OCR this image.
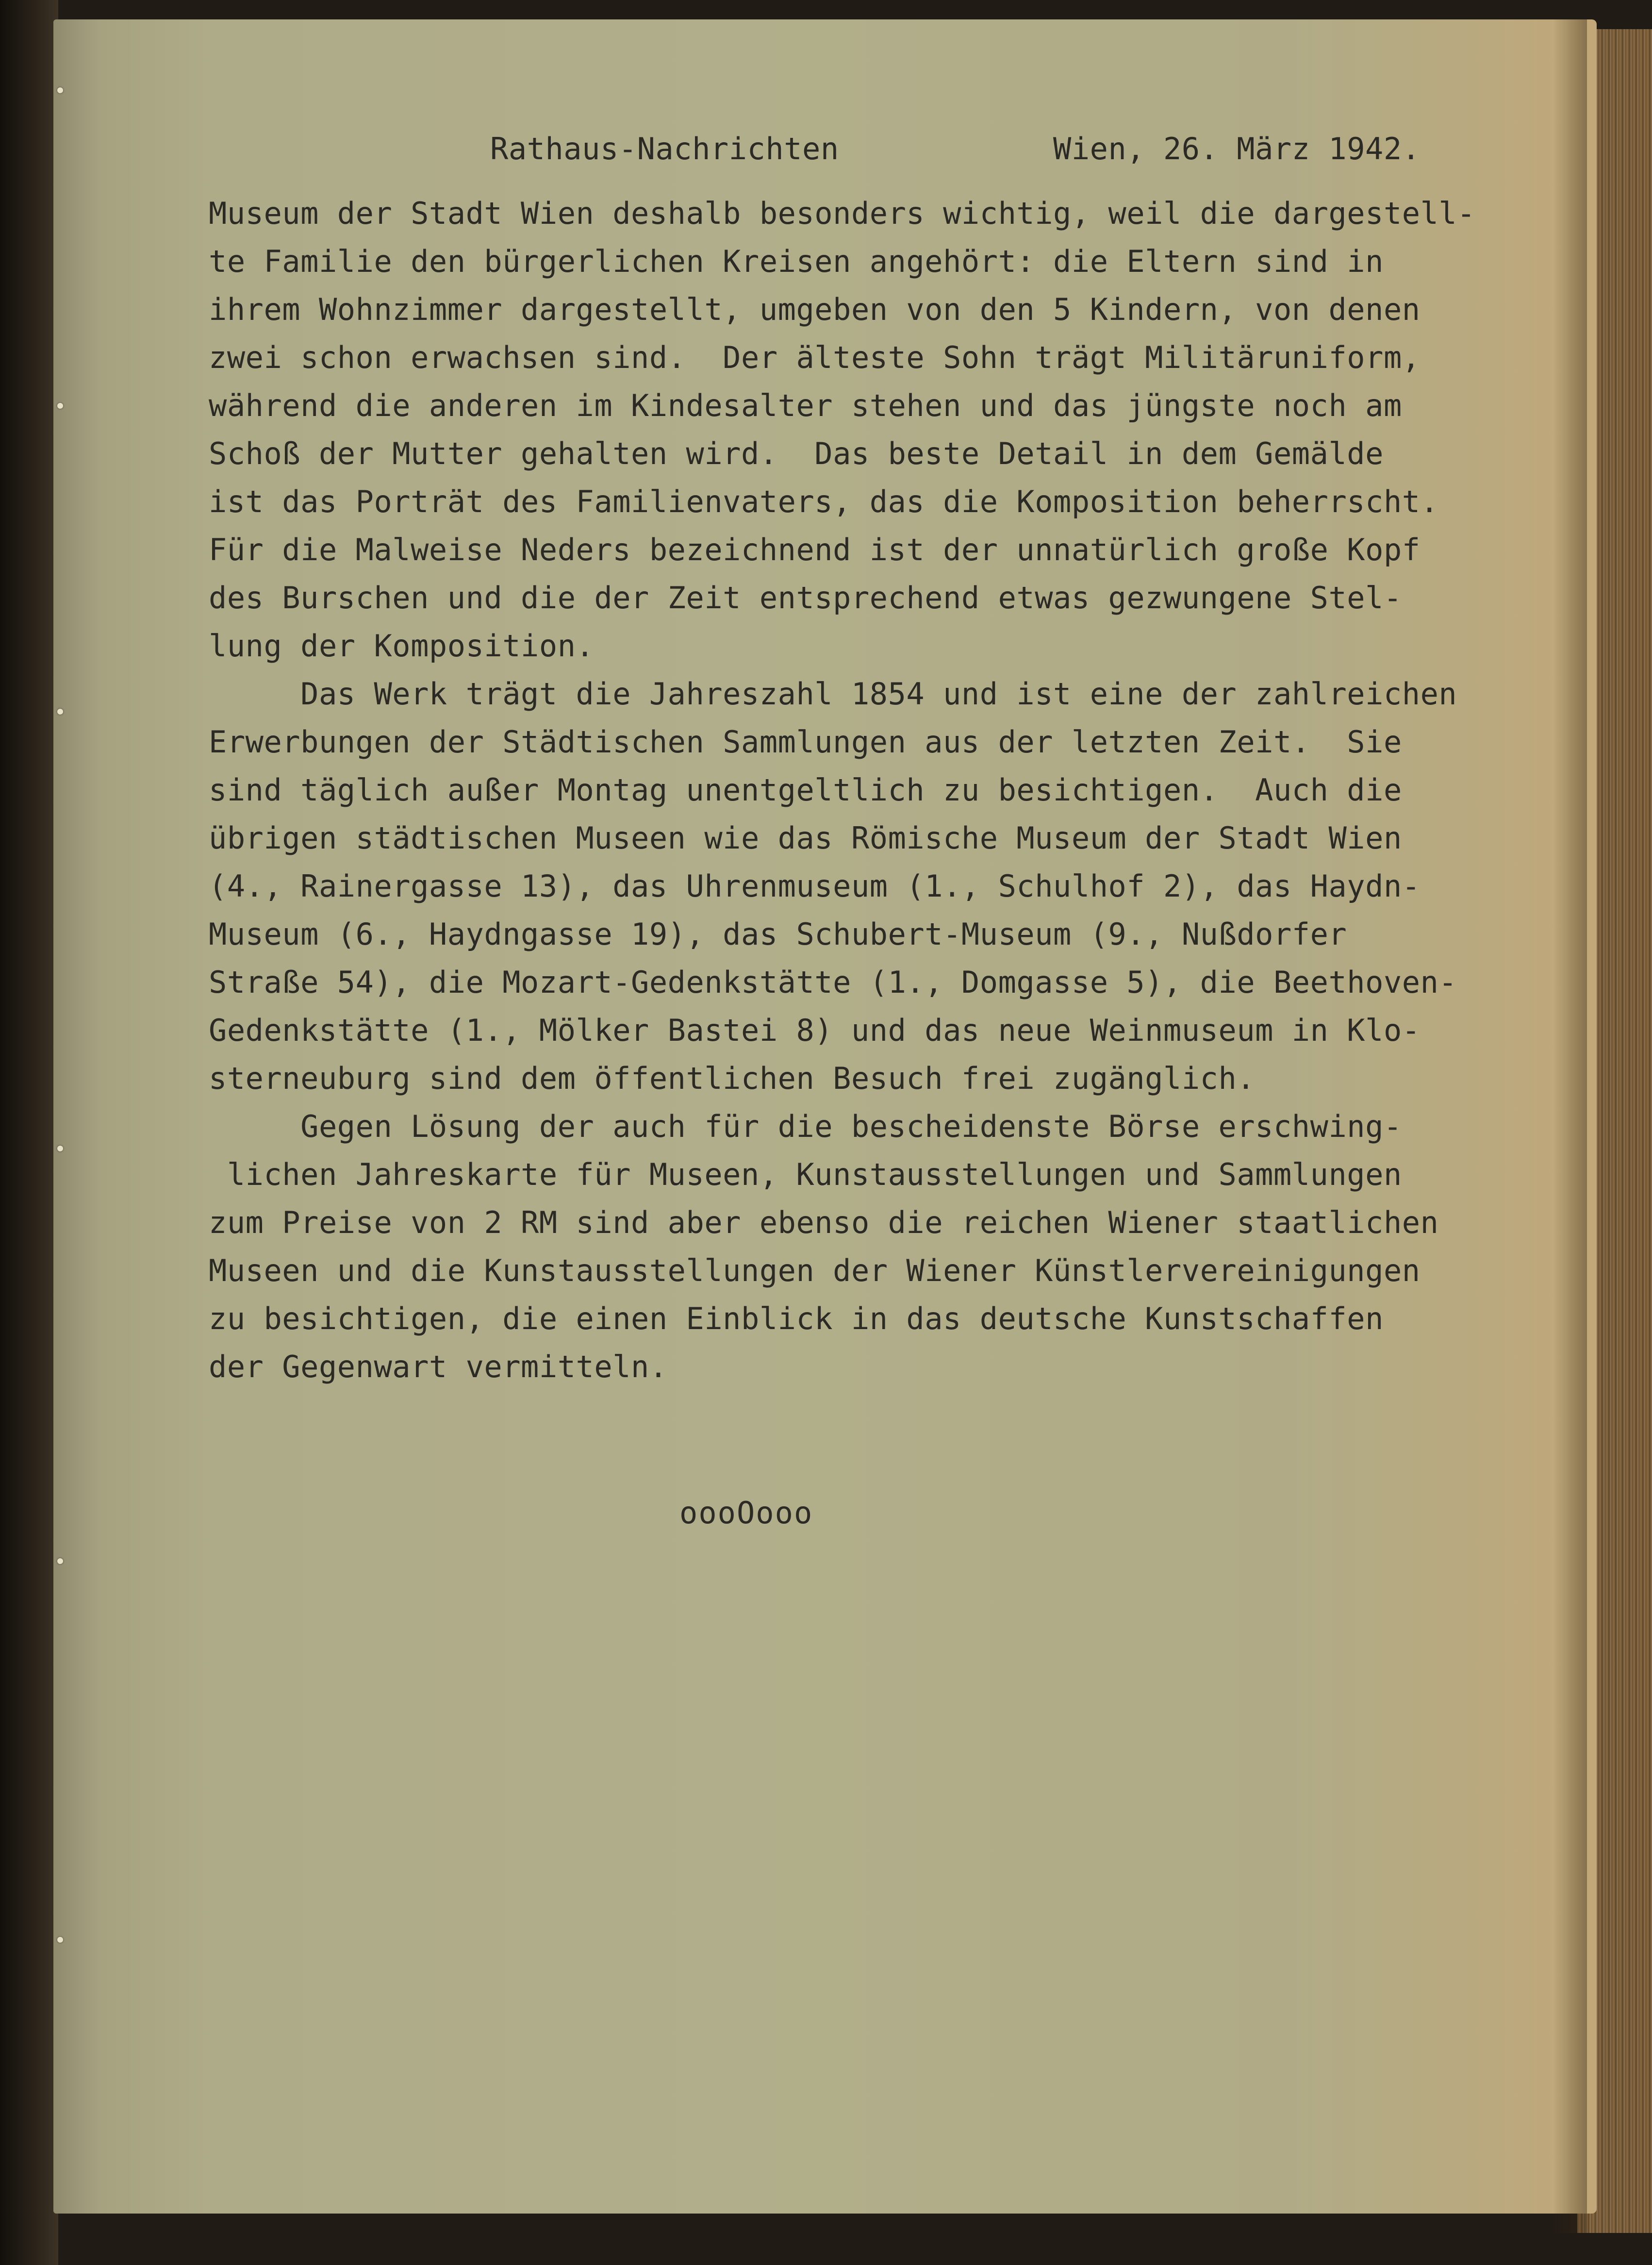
Rathaus-Nachrichten	Wien, 26. März 1942.
Museum der Stadt Wien deshalb besonders wichtig, weil die dargestell-
te Familie den bürgerlichen Kreisen angehört: die Eltern sind in
ihrem Wohnzimmer dargestellt, umgeben von den 5 Kindern, von denen
zwei schon erwachsen sind.  Der älteste Sohn trägt Militäruniform,
während die anderen im Kindesalter stehen und das jüngste noch am
Schoß der Mutter gehalten wird.  Das beste Detail in dem Gemälde
ist das Porträt des Familienvaters, das die Komposition beherrscht.
Für die Malweise Neders bezeichnend ist der unnatürlich große Kopf
des Burschen und die der Zeit entsprechend etwas gezwungene Stel-
lung der Komposition.
Das Werk trägt die Jahreszahl 1854 und ist eine der zahlreichen
Erwerbungen der Städtischen Sammlungen aus der letzten Zeit.  Sie
sind täglich außer Montag unentgeltlich zu besichtigen.  Auch die
übrigen städtischen Museen wie das Römische Museum der Stadt Wien
(4., Rainergasse 13), das Uhrenmuseum (1., Schulhof 2), das Haydn-
Museum (6., Haydngasse 19), das Schubert-Museum (9., Nußdorfer
Straße 54), die Mozart-Gedenkstätte (1., Domgasse 5), die Beethoven-
Gedenkstätte (1., Mölker Bastei 8) und das neue Weinmuseum in Klo-
sterneuburg sind dem öffentlichen Besuch frei zugänglich.
Gegen Lösung der auch für die bescheidenste Börse erschwing-
lichen Jahreskarte für Museen, Kunstausstellungen und Sammlungen
zum Preise von 2 RM sind aber ebenso die reichen Wiener staatlichen
Museen und die Kunstausstellungen der Wiener Künstlervereinigungen
zu besichtigen, die einen Einblick in das deutsche Kunstschaffen
der Gegenwart vermitteln.
oooOooo
